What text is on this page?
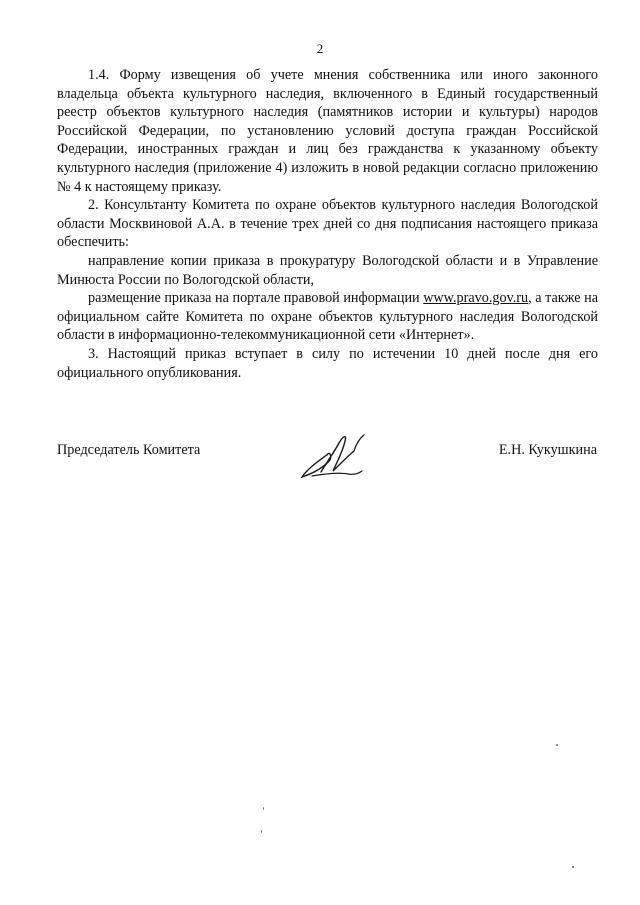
2

1.4. Форму извещения об учете мнения собственника или иного законного владельца объекта культурного наследия, включенного в Единый государственный реестр объектов культурного наследия (памятников истории и культуры) народов Российской Федерации, по установлению условий доступа граждан Российской Федерации, иностранных граждан и лиц без гражданства к указанному объекту культурного наследия (приложение 4) изложить в новой редакции согласно приложению № 4 к настоящему приказу.

2. Консультанту Комитета по охране объектов культурного наследия Вологодской области Москвиновой А.А. в течение трех дней со дня подписания настоящего приказа обеспечить:

направление копии приказа в прокуратуру Вологодской области и в Управление Минюста России по Вологодской области,

размещение приказа на портале правовой информации www.pravo.gov.ru, а также на официальном сайте Комитета по охране объектов культурного наследия Вологодской области в информационно-телекоммуникационной сети «Интернет».

3. Настоящий приказ вступает в силу по истечении 10 дней после дня его официального опубликования.

Председатель Комитета	Е.Н. Кукушкина
